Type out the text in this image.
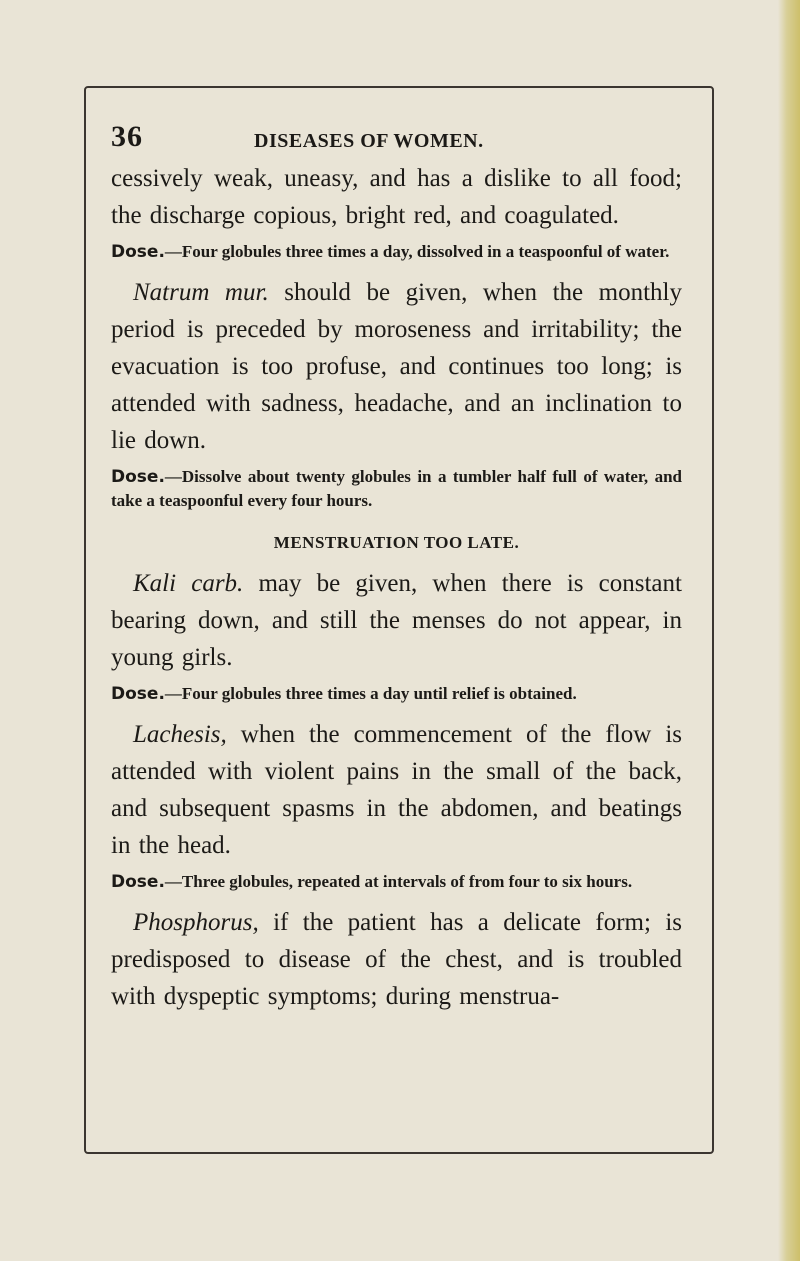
36	DISEASES OF WOMEN.

cessively weak, uneasy, and has a dislike to all food; the discharge copious, bright red, and coagulated.

Dose.—Four globules three times a day, dissolved in a teaspoonful of water.

Natrum mur. should be given, when the monthly period is preceded by moroseness and irritability; the evacuation is too profuse, and continues too long; is attended with sadness, headache, and an inclination to lie down.

Dose.—Dissolve about twenty globules in a tumbler half full of water, and take a teaspoonful every four hours.

MENSTRUATION TOO LATE.

Kali carb. may be given, when there is constant bearing down, and still the menses do not appear, in young girls.

Dose.—Four globules three times a day until relief is obtained.

Lachesis, when the commencement of the flow is attended with violent pains in the small of the back, and subsequent spasms in the abdomen, and beatings in the head.

Dose.—Three globules, repeated at intervals of from four to six hours.

Phosphorus, if the patient has a delicate form; is predisposed to disease of the chest, and is troubled with dyspeptic symptoms; during menstrua-
